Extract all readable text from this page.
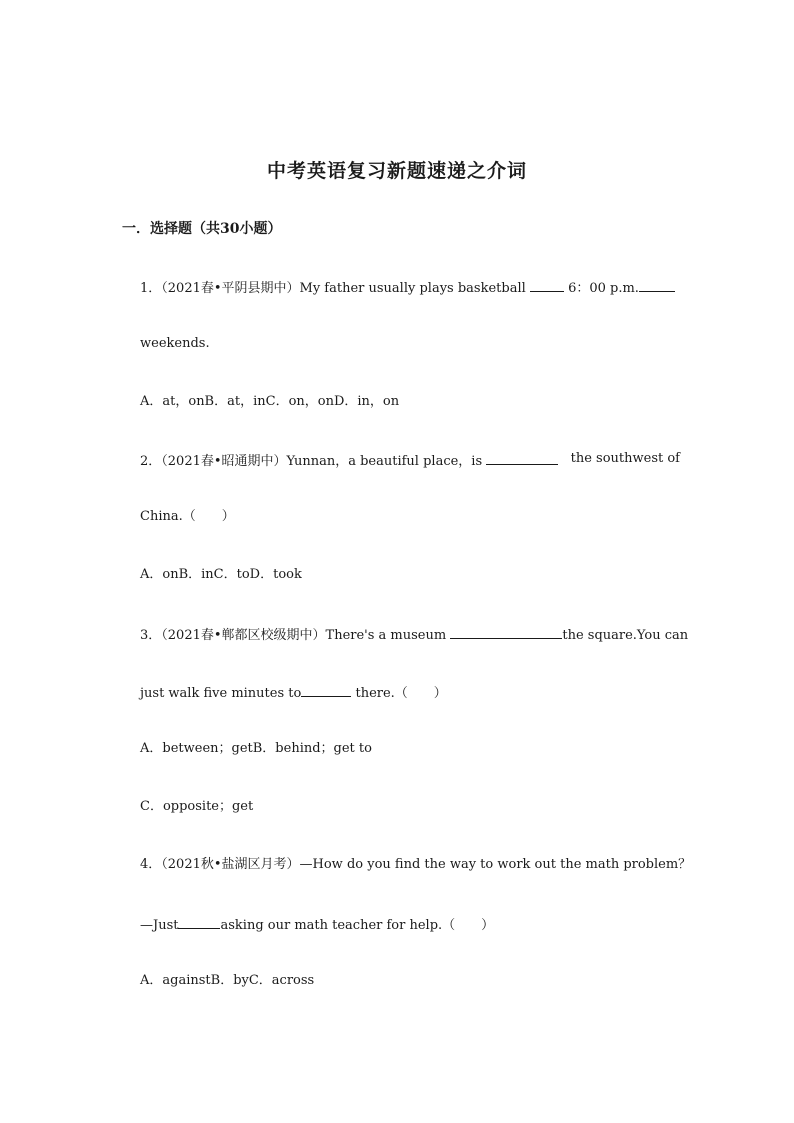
中考英语复习新题速递之介词
一．选择题（共30小题）
1．（2021春•平阴县期中）My father usually plays basketball	6：00 p.m.
weekends.
A．at，onB．at，inC．on，onD．in，on
2．（2021春•昭通期中）Yunnan，a beautiful place，is	the southwest of
China.（　　）
A．onB．inC．toD．took
3．（2021春•郸都区校级期中）There's a museum	the square.You can
just walk five minutes to	there.（　　）
A．between；getB．behind；get to
C．opposite；get
4．（2021秋•盐湖区月考）—How do you find the way to work out the math problem？
—Just	asking our math teacher for help.（　　）
A．againstB．byC．across
